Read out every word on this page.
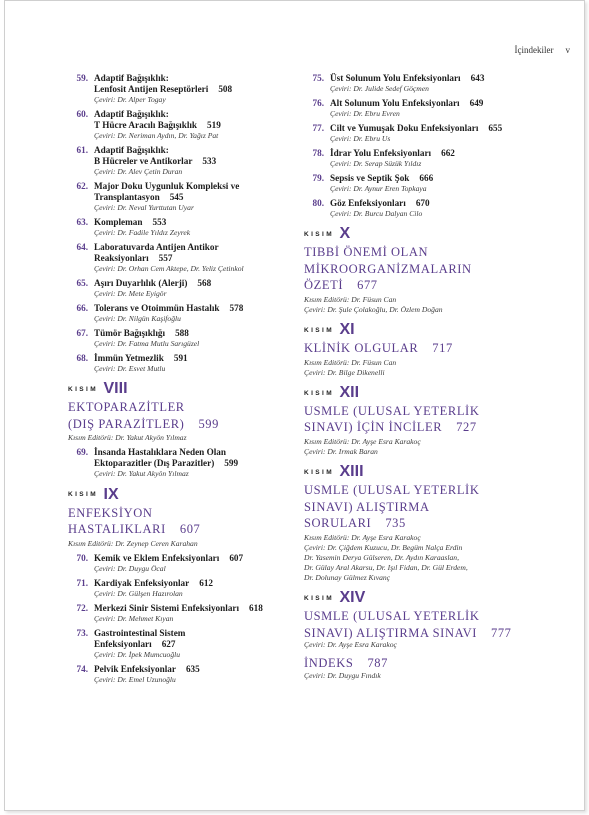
İçindekiler v
59. Adaptif Bağışıklık:
Lenfosit Antijen Reseptörleri 508
Çeviri: Dr. Alper Togay
60. Adaptif Bağışıklık:
T Hücre Aracılı Bağışıklık 519
Çeviri: Dr. Neriman Aydın, Dr. Yağız Pat
61. Adaptif Bağışıklık:
B Hücreler ve Antikorlar 533
Çeviri: Dr. Alev Çetin Duran
62. Major Doku Uygunluk Kompleksi ve
Transplantasyon 545
Çeviri: Dr. Neval Yurttutan Uyar
63. Kompleman 553
Çeviri: Dr. Fadile Yıldız Zeyrek
64. Laboratuvarda Antijen Antikor
Reaksiyonları 557
Çeviri: Dr. Orhan Cem Aktepe, Dr. Yeliz Çetinkol
65. Aşırı Duyarlılık (Alerji) 568
Çeviri: Dr. Mete Eyigör
66. Tolerans ve Otoimmün Hastalık 578
Çeviri: Dr. Nilgün Kaşifoğlu
67. Tümör Bağışıklığı 588
Çeviri: Dr. Fatma Mutlu Sarıgüzel
68. İmmün Yetmezlik 591
Çeviri: Dr. Esvet Mutlu
KISIM VIII
EKTOPARAZİTLER
(DIŞ PARAZİTLER) 599
Kısım Editörü: Dr. Yakut Akyön Yılmaz
69. İnsanda Hastalıklara Neden Olan
Ektoparazitler (Dış Parazitler) 599
Çeviri: Dr. Yakut Akyön Yılmaz
KISIM IX
ENFEKSİYON
HASTALIKLARI 607
Kısım Editörü: Dr. Zeynep Ceren Karahan
70. Kemik ve Eklem Enfeksiyonları 607
Çeviri: Dr. Duygu Öcal
71. Kardiyak Enfeksiyonlar 612
Çeviri: Dr. Gülşen Hazırolan
72. Merkezi Sinir Sistemi Enfeksiyonları 618
Çeviri: Dr. Mehmet Kıyan
73. Gastrointestinal Sistem
Enfeksiyonları 627
Çeviri: Dr. İpek Mumcuoğlu
74. Pelvik Enfeksiyonlar 635
Çeviri: Dr. Emel Uzunoğlu
75. Üst Solunum Yolu Enfeksiyonları 643
Çeviri: Dr. Julide Sedef Göçmen
76. Alt Solunum Yolu Enfeksiyonları 649
Çeviri: Dr. Ebru Evren
77. Cilt ve Yumuşak Doku Enfeksiyonları 655
Çeviri: Dr. Ebru Us
78. İdrar Yolu Enfeksiyonları 662
Çeviri: Dr. Serap Süzük Yıldız
79. Sepsis ve Septik Şok 666
Çeviri: Dr. Aynur Eren Topkaya
80. Göz Enfeksiyonları 670
Çeviri: Dr. Burcu Dalyan Cilo
KISIM X
TIBBİ ÖNEMİ OLAN
MİKROORGANİZMALARIN
ÖZETİ 677
Kısım Editörü: Dr. Füsun Can
Çeviri: Dr. Şule Çolakoğlu, Dr. Özlem Doğan
KISIM XI
KLİNİK OLGULAR 717
Kısım Editörü: Dr. Füsun Can
Çeviri: Dr. Bilge Dikenelli
KISIM XII
USMLE (ULUSAL YETERLİK
SINAVI) İÇİN İNCİLER 727
Kısım Editörü: Dr. Ayşe Esra Karakoç
Çeviri: Dr. Irmak Baran
KISIM XIII
USMLE (ULUSAL YETERLİK
SINAVI) ALIŞTIRMA
SORULARI 735
Kısım Editörü: Dr. Ayşe Esra Karakoç
Çeviri: Dr. Çiğdem Kuzucu, Dr. Begüm Nalça Erdin
Dr. Yasemin Derya Gülseren, Dr. Aydın Karaaslan,
Dr. Gülay Aral Akarsu, Dr. Işıl Fidan, Dr. Gül Erdem,
Dr. Dolunay Gülmez Kıvanç
KISIM XIV
USMLE (ULUSAL YETERLİK
SINAVI) ALIŞTIRMA SINAVI 777
Çeviri: Dr. Ayşe Esra Karakoç
İNDEKS 787
Çeviri: Dr. Duygu Fındık
